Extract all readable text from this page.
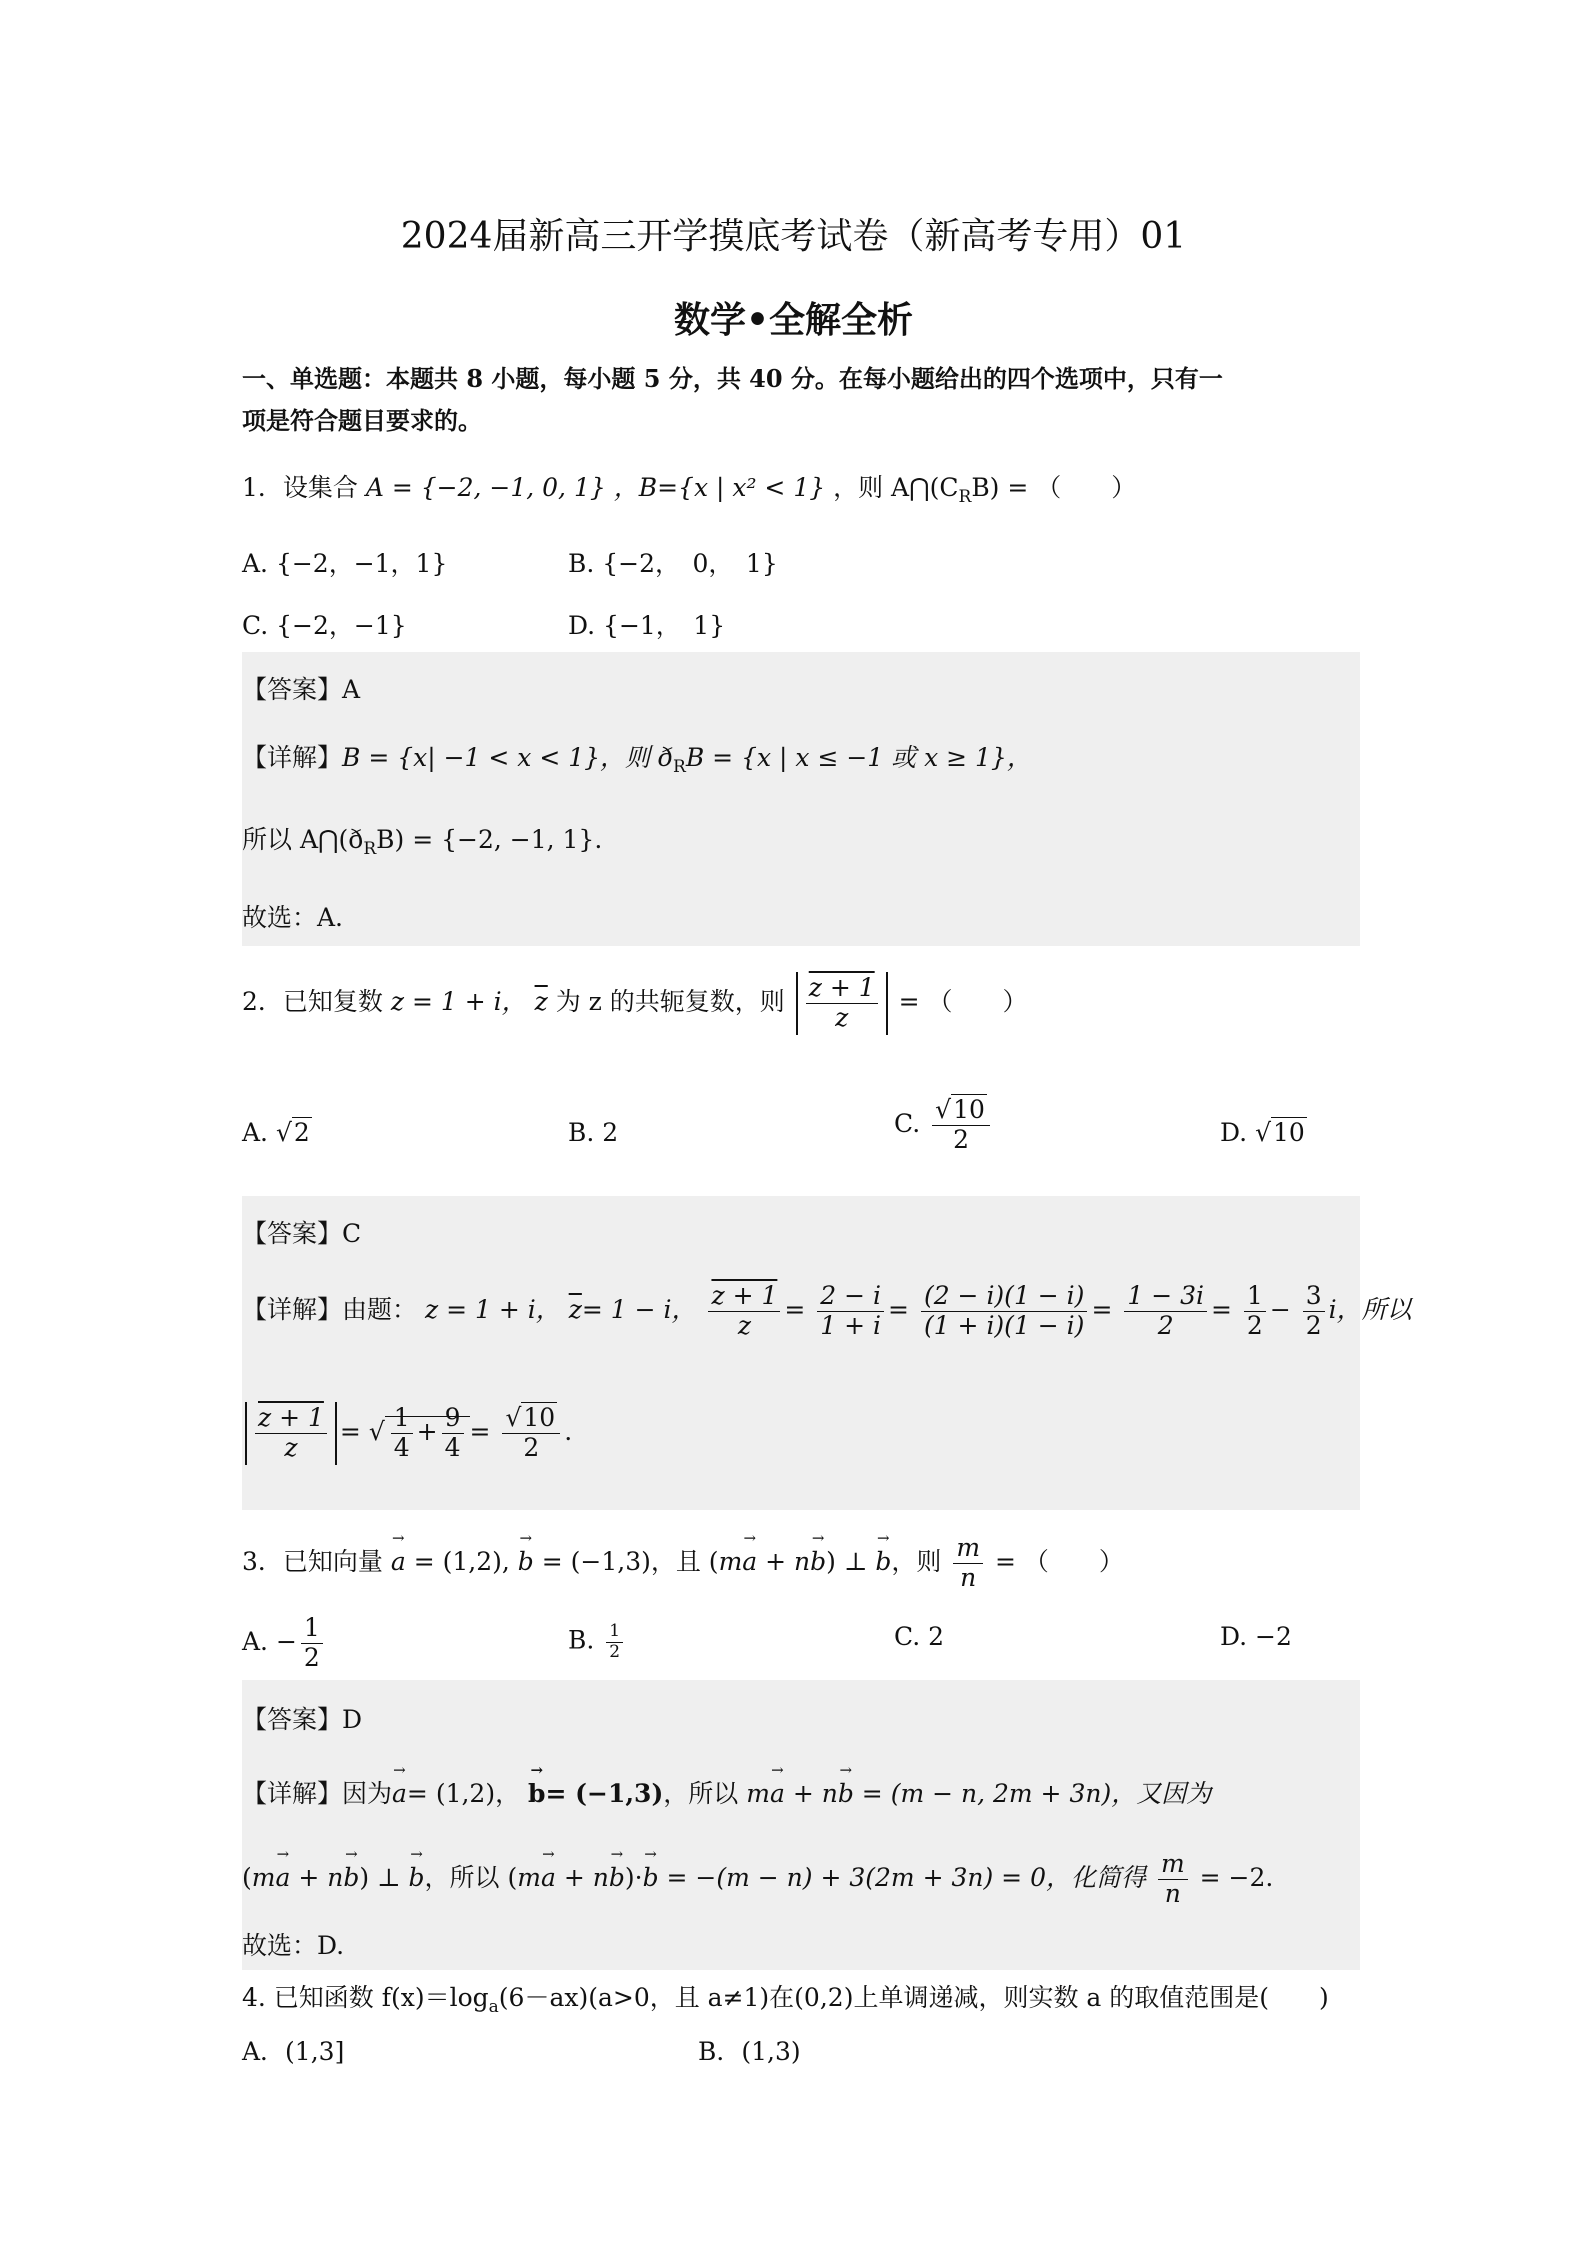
2024届新高三开学摸底考试卷（新高考专用）01
数学•全解全析
一、单选题：本题共 8 小题，每小题 5 分，共 40 分。在每小题给出的四个选项中，只有一
项是符合题目要求的。
1．设集合 A = {−2, −1, 0, 1} ，B={x | x² < 1} ，则 $A⋂(C_RB)$ = （　　）
A. {−2，−1，1}	B. {−2，　0，　1}
C. {−2，−1}	D. {−1，　1}
【答案】A
【详解】B = {x| −1 < x < 1}，则 $ð_RB = \{x$ | x ≤ −1 或 x ≥ 1}，
所以 $A⋂(ð_RB) = \{-2$, −1, 1}.
故选：A.
2．已知复数 z = 1 + i， $\overline{z}$ 为 z 的共轭复数，则 $\frac{z + 1}{z}$ = （　　）
A. √2	B. 2	C. $\frac{√10}{2}$	D. √10
【答案】C
【详解】由题： z = 1 + i， $\overline{z}= 1 - i$， $\frac{z + 1}{z} = \frac{2 - i}{1 + i} = \frac{(2 - i)(1 - i)}{(1 + i)(1 - i)} = \frac{1 - 3i}{2} = \frac{1}{2} - \frac{3}{2}$ i，所以
$\frac{z + 1}{z}$ = √ $\frac{1}{4} + \frac{9}{4} = \frac{√10}{2}$ .
3．已知向量 → a = (1,2), → b = (−1,3)，且 (m→ a + n→ b) ⊥ → b，则 $\frac{m}{n}$ = （　　）
A. − $\frac{1}{2}$	B. $\frac{1}{2}$	C. 2	D. −2
【答案】D
【详解】因为→ a= (1,2)， → b= (−1,3)，所以 m→ a + n→ b = (m − n, 2m + 3n)，又因为
(m→ a + n→ b) ⊥ → b，所以 (m→ a + n→ b)·→ b = −(m − n) + 3(2m + 3n) = 0，化简得 $\frac{m}{n} = -2$.
故选：D.
4. 已知函数 $f(x)=\log_a(6-ax)(a>0$，且 a≠1)在(0,2)上单调递减，则实数 a 的取值范围是(　　)
A．(1,3]	B．(1,3)
